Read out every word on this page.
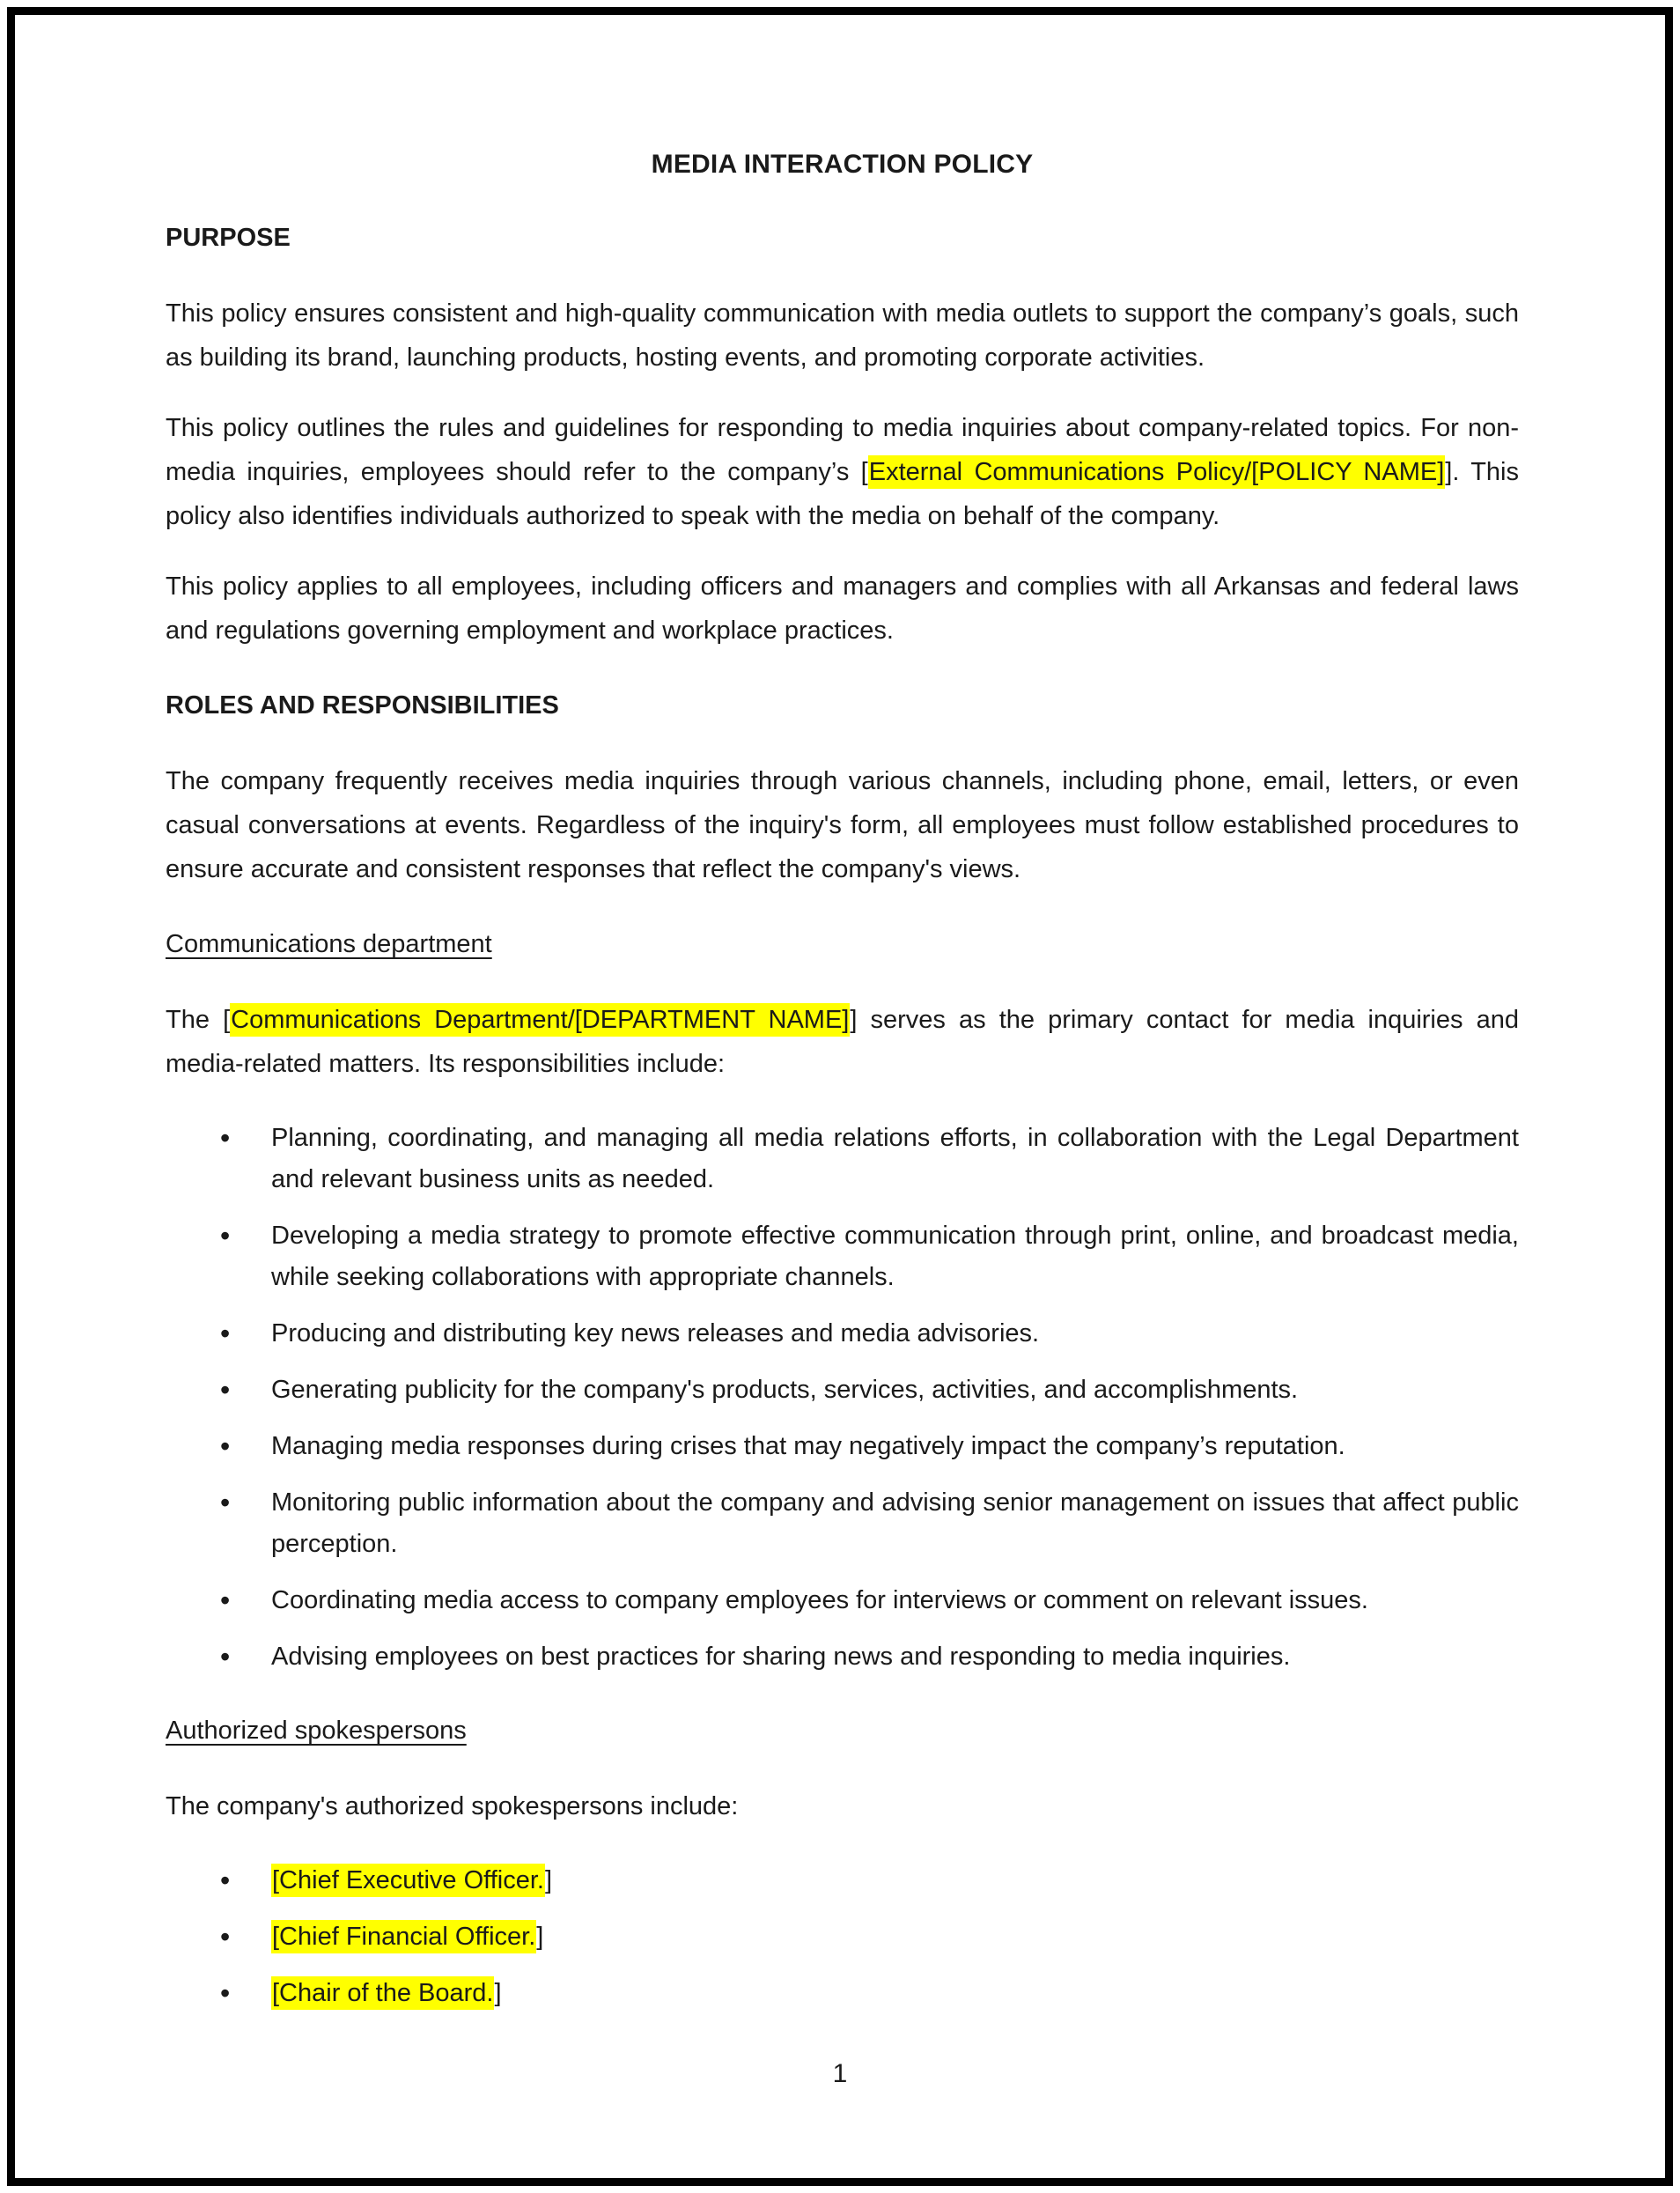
MEDIA INTERACTION POLICY
PURPOSE

This policy ensures consistent and high-quality communication with media outlets to support the company’s goals, such as building its brand, launching products, hosting events, and promoting corporate activities.

This policy outlines the rules and guidelines for responding to media inquiries about company-related topics. For non-media inquiries, employees should refer to the company’s [External Communications Policy/[POLICY NAME]]. This policy also identifies individuals authorized to speak with the media on behalf of the company.

This policy applies to all employees, including officers and managers and complies with all Arkansas and federal laws and regulations governing employment and workplace practices.

ROLES AND RESPONSIBILITIES

The company frequently receives media inquiries through various channels, including phone, email, letters, or even casual conversations at events. Regardless of the inquiry's form, all employees must follow established procedures to ensure accurate and consistent responses that reflect the company's views.

Communications department

The [Communications Department/[DEPARTMENT NAME]] serves as the primary contact for media inquiries and media-related matters. Its responsibilities include:

• Planning, coordinating, and managing all media relations efforts, in collaboration with the Legal Department and relevant business units as needed.
• Developing a media strategy to promote effective communication through print, online, and broadcast media, while seeking collaborations with appropriate channels.
• Producing and distributing key news releases and media advisories.
• Generating publicity for the company's products, services, activities, and accomplishments.
• Managing media responses during crises that may negatively impact the company’s reputation.
• Monitoring public information about the company and advising senior management on issues that affect public perception.
• Coordinating media access to company employees for interviews or comment on relevant issues.
• Advising employees on best practices for sharing news and responding to media inquiries.
Authorized spokespersons

The company's authorized spokespersons include:

• [Chief Executive Officer.]
• [Chief Financial Officer.]
• [Chair of the Board.]
1
